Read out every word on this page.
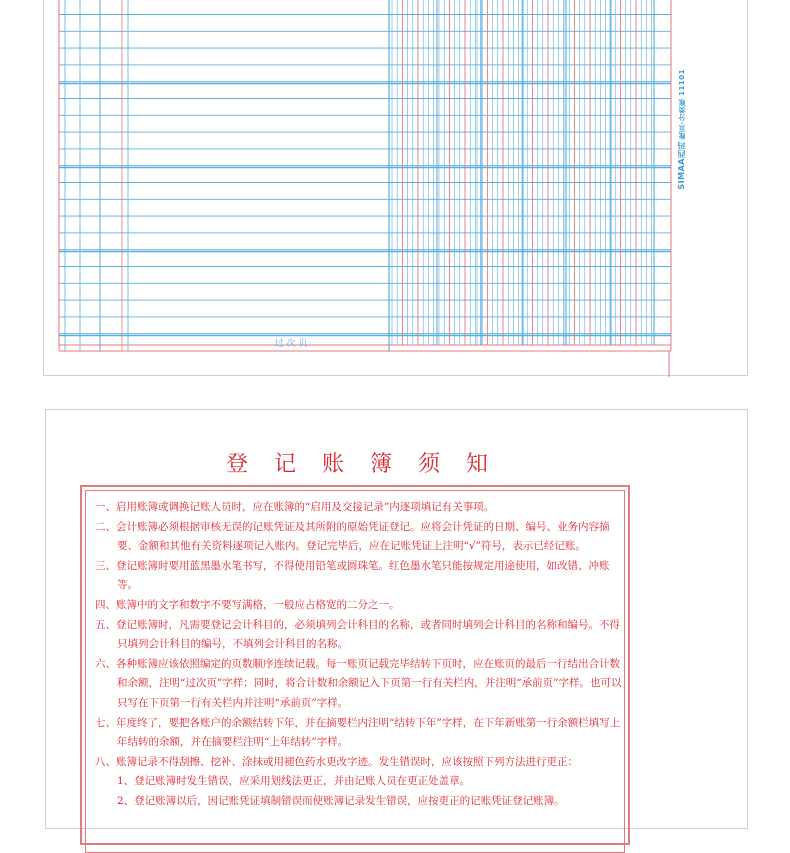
过 次 页
账页-分类账 11101
SIMAA西玛
登 记 账 簿 须 知

一、启用账簿或调换记账人员时，应在账簿的“启用及交接记录”内逐项填记有关事项。

二、会计账簿必须根据审核无误的记账凭证及其所附的原始凭证登记。应将会计凭证的日期、编号、业务内容摘要、金额和其他有关资料逐项记入账内。登记完毕后，应在记账凭证上注明“√”符号，表示已经记账。

三、登记账簿时要用蓝黑墨水笔书写，不得使用铅笔或圆珠笔。红色墨水笔只能按规定用途使用，如改错、冲账等。

四、账簿中的文字和数字不要写满格，一般应占格宽的二分之一。

五、登记账簿时，凡需要登记会计科目的，必须填列会计科目的名称，或者同时填列会计科目的名称和编号。不得只填列会计科目的编号，不填列会计科目的名称。

六、各种账簿应该依照编定的页数顺序连续记载。每一账页记载完毕结转下页时，应在账页的最后一行结出合计数和余额，注明“过次页”字样；同时，将合计数和余额记入下页第一行有关栏内，并注明“承前页”字样。也可以只写在下页第一行有关栏内并注明“承前页”字样。

七、年度终了，要把各账户的余额结转下年，并在摘要栏内注明“结转下年”字样，在下年新账第一行余额栏填写上年结转的余额，并在摘要栏注明“上年结转”字样。

八、账簿记录不得刮擦、挖补、涂抹或用褪色药水更改字迹。发生错误时，应该按照下列方法进行更正：

1、登记账簿时发生错误，应采用划线法更正，并由记账人员在更正处盖章。

2、登记账簿以后，因记账凭证填制错误而使账簿记录发生错误，应按更正的记账凭证登记账簿。
